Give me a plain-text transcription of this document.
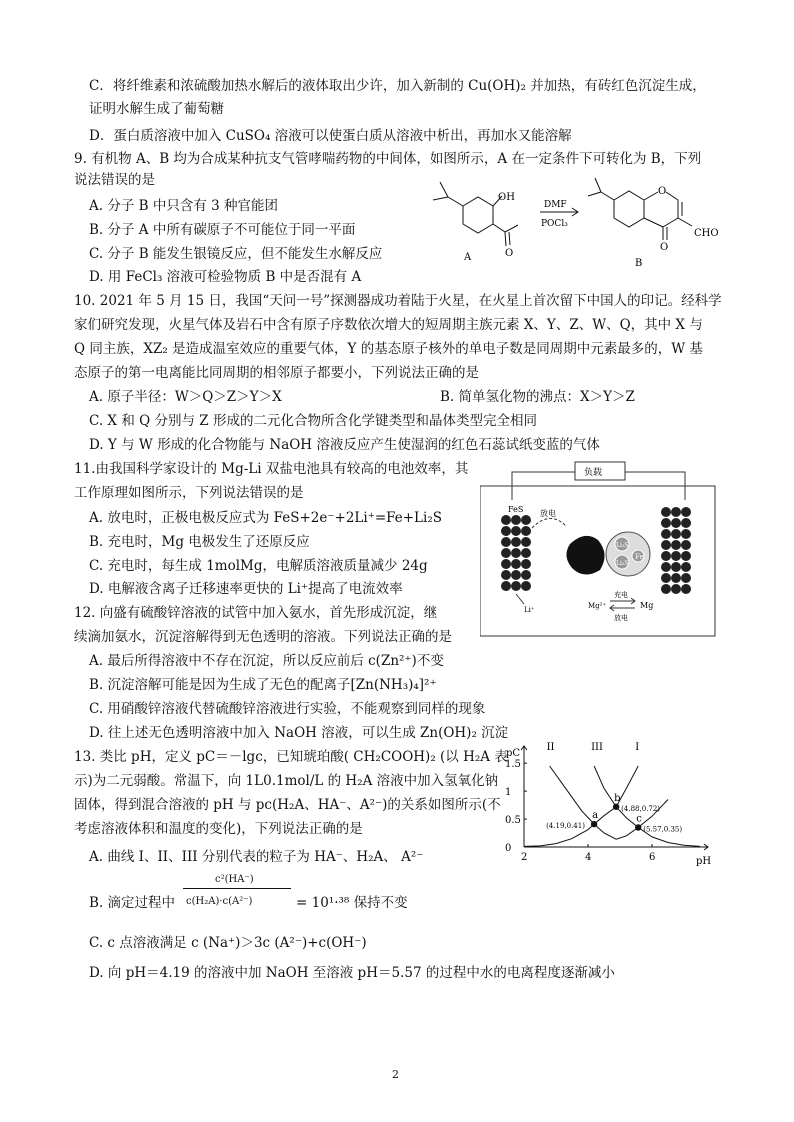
C．将纤维素和浓硫酸加热水解后的液体取出少许，加入新制的 Cu(OH)₂ 并加热，有砖红色沉淀生成，
证明水解生成了葡萄糖
D．蛋白质溶液中加入 CuSO₄ 溶液可以使蛋白质从溶液中析出，再加水又能溶解
9. 有机物 A、B 均为合成某种抗支气管哮喘药物的中间体，如图所示，A 在一定条件下可转化为 B，下列
说法错误的是
A. 分子 B 中只含有 3 种官能团
B. 分子 A 中所有碳原子不可能位于同一平面
C. 分子 B 能发生银镜反应，但不能发生水解反应
D. 用 FeCl₃ 溶液可检验物质 B 中是否混有 A
OH
O
DMF
POCl₃
O
O
CHO
A
B
10. 2021 年 5 月 15 日，我国“天问一号”探测器成功着陆于火星，在火星上首次留下中国人的印记。经科学
家们研究发现，火星气体及岩石中含有原子序数依次增大的短周期主族元素 X、Y、Z、W、Q，其中 X 与
Q 同主族，XZ₂ 是造成温室效应的重要气体，Y 的基态原子核外的单电子数是同周期中元素最多的，W 基
态原子的第一电离能比同周期的相邻原子都要小，下列说法正确的是
A. 原子半径：W＞Q＞Z＞Y＞X	B. 简单氢化物的沸点：X＞Y＞Z
C. X 和 Q 分别与 Z 形成的二元化合物所含化学键类型和晶体类型完全相同
D. Y 与 W 形成的化合物能与 NaOH 溶液反应产生使湿润的红色石蕊试纸变蓝的气体
11.由我国科学家设计的 Mg-Li 双盐电池具有较高的电池效率，其
工作原理如图所示，下列说法错误的是
A. 放电时，正极电极反应式为 FeS+2e⁻+2Li⁺=Fe+Li₂S
B. 充电时，Mg 电极发生了还原反应
C. 充电时，每生成 1molMg，电解质溶液质量减少 24g
D. 电解液含离子迁移速率更快的 Li⁺提高了电流效率
负载
FeS 放电
Li₂S
Li₂S
Fe
Li⁺	Mg²⁺
充电
放电
Mg
12. 向盛有硫酸锌溶液的试管中加入氨水，首先形成沉淀，继
续滴加氨水，沉淀溶解得到无色透明的溶液。下列说法正确的是
A. 最后所得溶液中不存在沉淀，所以反应前后 c(Zn²⁺)不变
B. 沉淀溶解可能是因为生成了无色的配离子[Zn(NH₃)₄]²⁺
C. 用硝酸锌溶液代替硫酸锌溶液进行实验，不能观察到同样的现象
D. 往上述无色透明溶液中加入 NaOH 溶液，可以生成 Zn(OH)₂ 沉淀
13. 类比 pH，定义 pC＝－lgc，已知琥珀酸( CH₂COOH)₂ (以 H₂A 表
示)为二元弱酸。常温下，向 1L0.1mol/L 的 H₂A 溶液中加入氢氧化钠
固体，得到混合溶液的 pH 与 pc(H₂A、HA⁻、A²⁻)的关系如图所示(不
考虑溶液体积和温度的变化)，下列说法正确的是
A. 曲线 I、II、III 分别代表的粒子为 HA⁻、H₂A、 A²⁻
B. 滴定过程中
c²(HA⁻)
c(H₂A)·c(A²⁻)	= 10¹·³⁸ 保持不变
C. c 点溶液满足 c (Na⁺)＞3c (A²⁻)+c(OH⁻)
D. 向 pH＝4.19 的溶液中加 NaOH 至溶液 pH＝5.57 的过程中水的电离程度逐渐减小
pH
pC
2	4	6
0
0.5
1
1.5
I
II	III
a
(4.19,0.41)
b
(4.88,0.72)
c
(5.57,0.35)
2
